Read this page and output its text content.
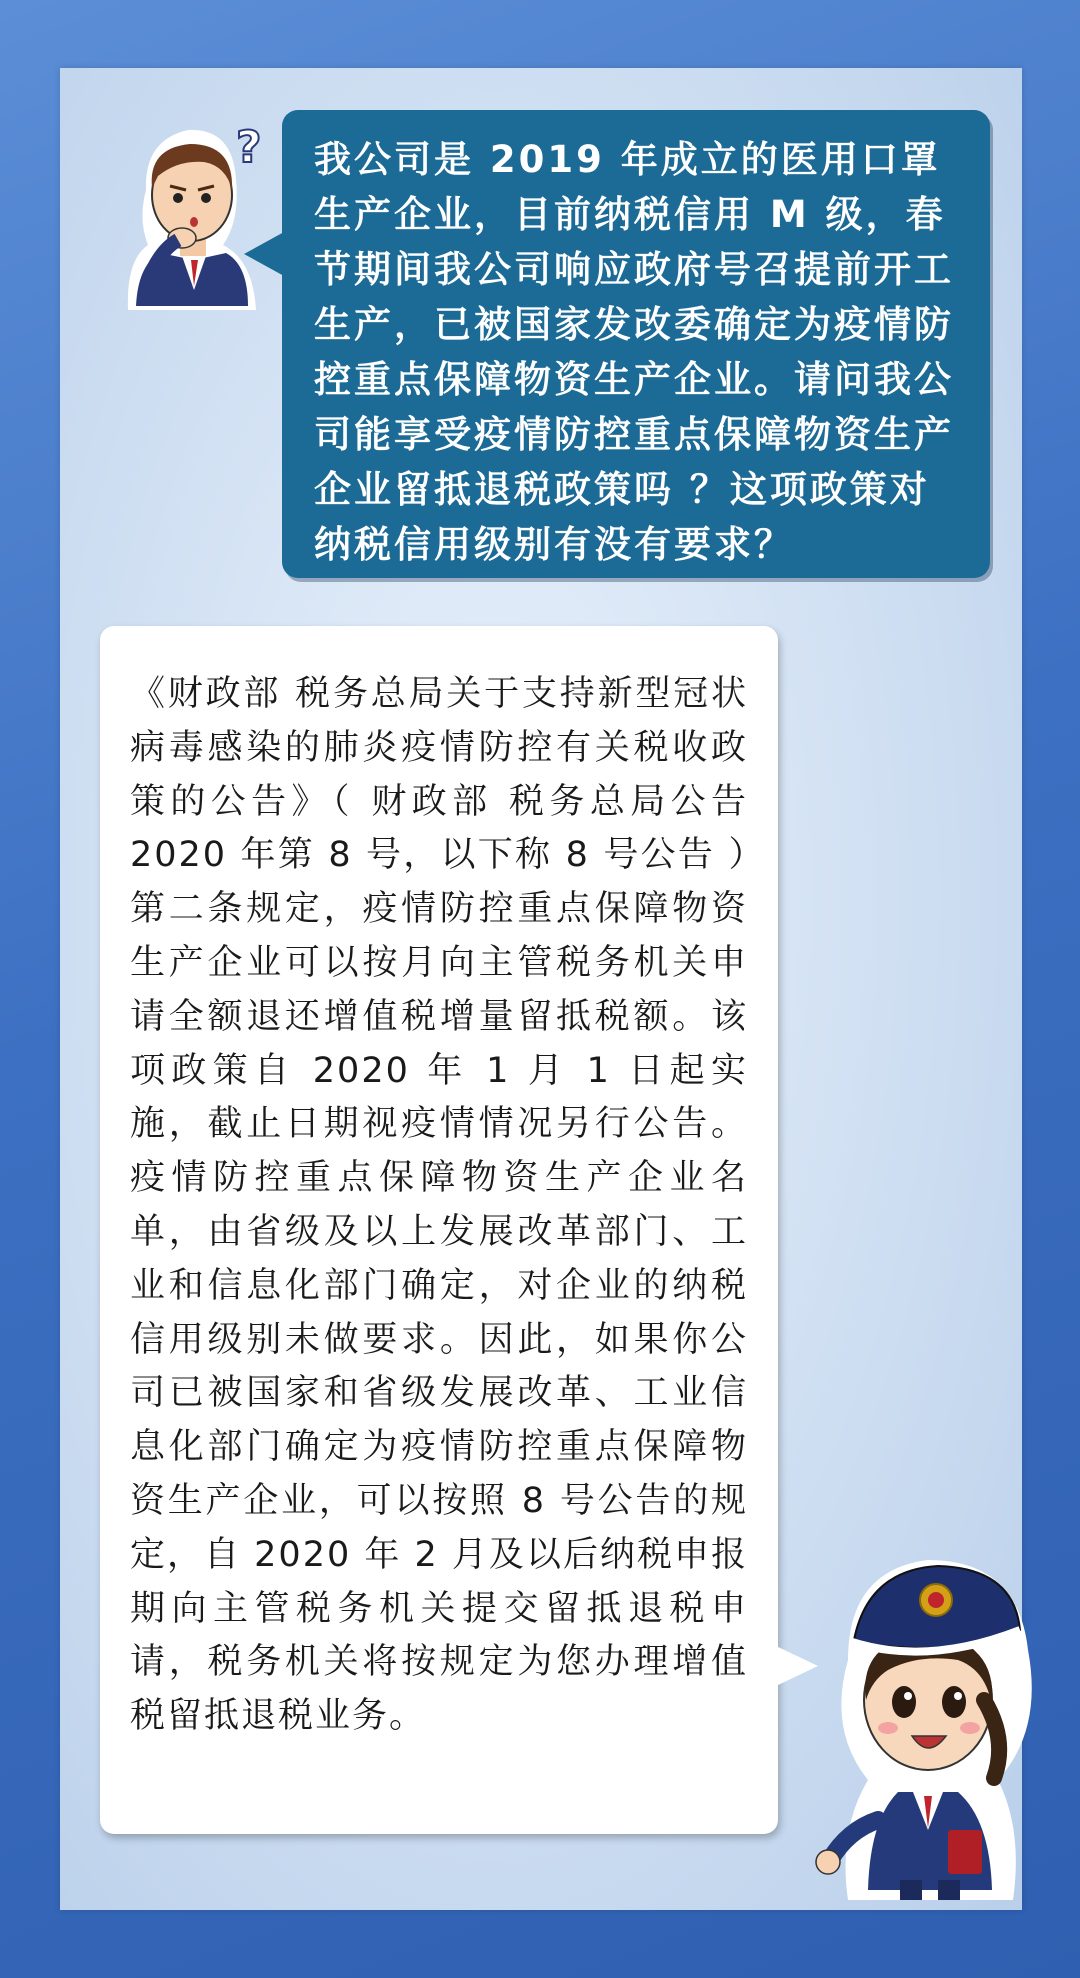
? 我公司是 2019 年成立的医用口罩生产企业，目前纳税信用 M 级，春节期间我公司响应政府号召提前开工生产，已被国家发改委确定为疫情防控重点保障物资生产企业。请问我公司能享受疫情防控重点保障物资生产企业留抵退税政策吗 ？这项政策对纳税信用级别有没有要求？

《财政部 税务总局关于支持新型冠状病毒感染的肺炎疫情防控有关税收政策的公告》（ 财政部 税务总局公告 2020 年第 8 号，以下称 8 号公告 ）第二条规定，疫情防控重点保障物资生产企业可以按月向主管税务机关申请全额退还增值税增量留抵税额。该项政策自 2020 年 1 月 1 日起实施，截止日期视疫情情况另行公告。疫情防控重点保障物资生产企业名单，由省级及以上发展改革部门、工业和信息化部门确定，对企业的纳税信用级别未做要求。因此，如果你公司已被国家和省级发展改革、工业信息化部门确定为疫情防控重点保障物资生产企业，可以按照 8 号公告的规定，自 2020 年 2 月及以后纳税申报期向主管税务机关提交留抵退税申请，税务机关将按规定为您办理增值税留抵退税业务。
